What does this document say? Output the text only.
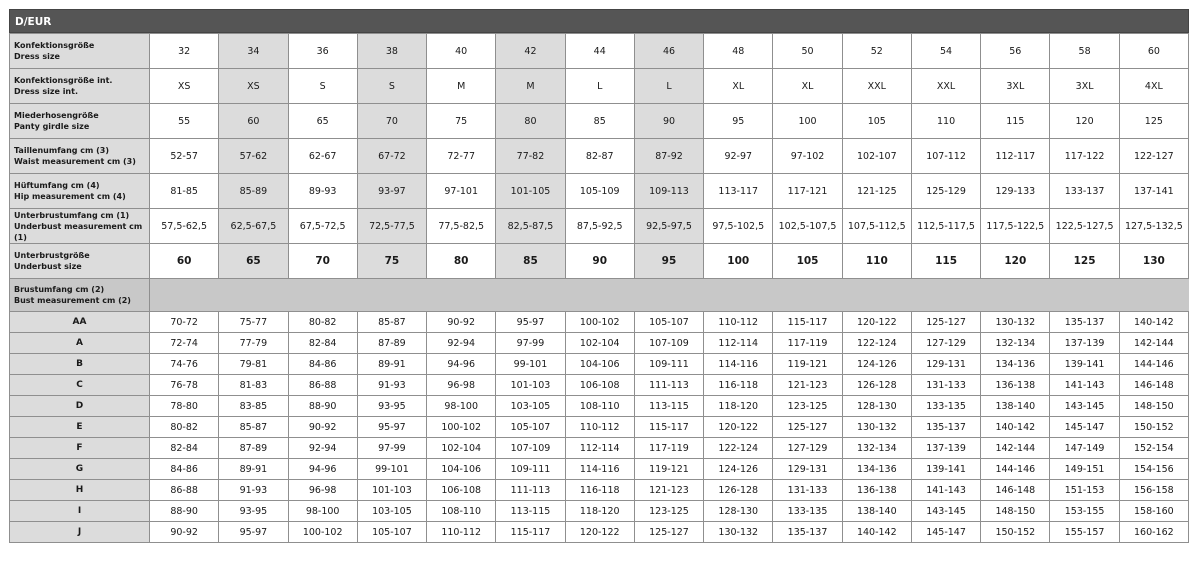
D/EUR
Konfektionsgröße
Dress size	32	34	36	38	40	42	44	46	48	50	52	54	56	58	60

Konfektionsgröße int.
Dress size int.	XS	XS	S	S	M	M	L	L	XL	XL	XXL	XXL	3XL	3XL	4XL

Miederhosengröße
Panty girdle size	55	60	65	70	75	80	85	90	95	100	105	110	115	120	125

Taillenumfang cm (3)
Waist measurement cm (3)	52-57	57-62	62-67	67-72	72-77	77-82	82-87	87-92	92-97	97-102	102-107	107-112	112-117	117-122	122-127

Hüftumfang cm (4)
Hip measurement cm (4)	81-85	85-89	89-93	93-97	97-101	101-105	105-109	109-113	113-117	117-121	121-125	125-129	129-133	133-137	137-141

Unterbrustumfang cm (1)
Underbust measurement cm (1)	57,5-62,5	62,5-67,5	67,5-72,5	72,5-77,5	77,5-82,5	82,5-87,5	87,5-92,5	92,5-97,5	97,5-102,5	102,5-107,5	107,5-112,5	112,5-117,5	117,5-122,5	122,5-127,5	127,5-132,5

Unterbrustgröße
Underbust size	60	65	70	75	80	85	90	95	100	105	110	115	120	125	130

Brustumfang cm (2)
Bust measurement cm (2)															

AA	70-72	75-77	80-82	85-87	90-92	95-97	100-102	105-107	110-112	115-117	120-122	125-127	130-132	135-137	140-142
A	72-74	77-79	82-84	87-89	92-94	97-99	102-104	107-109	112-114	117-119	122-124	127-129	132-134	137-139	142-144
B	74-76	79-81	84-86	89-91	94-96	99-101	104-106	109-111	114-116	119-121	124-126	129-131	134-136	139-141	144-146
C	76-78	81-83	86-88	91-93	96-98	101-103	106-108	111-113	116-118	121-123	126-128	131-133	136-138	141-143	146-148
D	78-80	83-85	88-90	93-95	98-100	103-105	108-110	113-115	118-120	123-125	128-130	133-135	138-140	143-145	148-150
E	80-82	85-87	90-92	95-97	100-102	105-107	110-112	115-117	120-122	125-127	130-132	135-137	140-142	145-147	150-152
F	82-84	87-89	92-94	97-99	102-104	107-109	112-114	117-119	122-124	127-129	132-134	137-139	142-144	147-149	152-154
G	84-86	89-91	94-96	99-101	104-106	109-111	114-116	119-121	124-126	129-131	134-136	139-141	144-146	149-151	154-156
H	86-88	91-93	96-98	101-103	106-108	111-113	116-118	121-123	126-128	131-133	136-138	141-143	146-148	151-153	156-158
I	88-90	93-95	98-100	103-105	108-110	113-115	118-120	123-125	128-130	133-135	138-140	143-145	148-150	153-155	158-160
J	90-92	95-97	100-102	105-107	110-112	115-117	120-122	125-127	130-132	135-137	140-142	145-147	150-152	155-157	160-162
